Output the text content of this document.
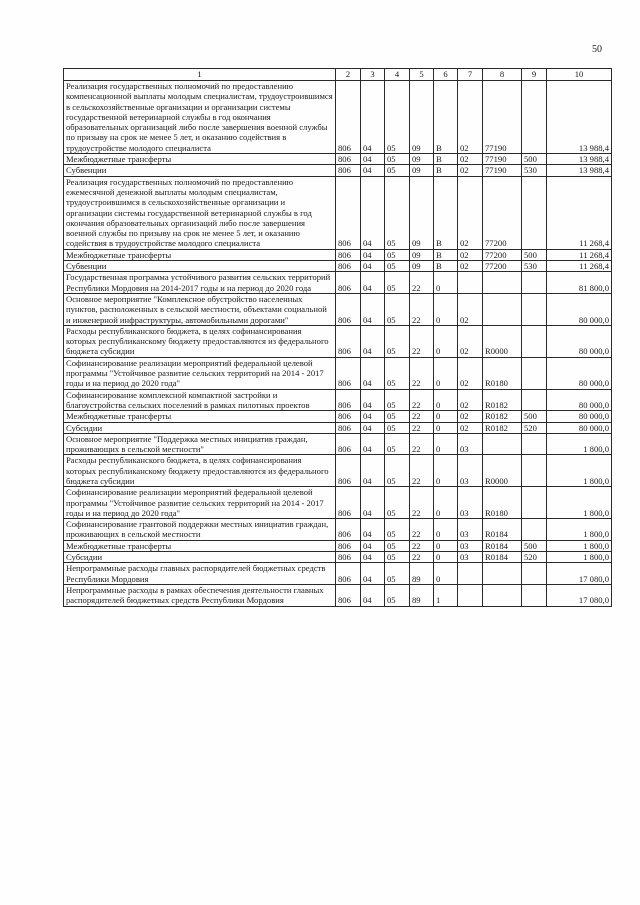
50
1	2	3	4	5	6	7	8	9	10
Реализация государственных полномочий по предоставлению компенсационной выплаты молодым специалистам, трудоустроившимся в сельскохозяйственные организации и организации системы государственной ветеринарной службы в год окончания образовательных организаций либо после завершения военной службы по призыву на срок не менее 5 лет, и оказанию содействия в трудоустройстве молодого специалиста	806	04	05	09	В	02	77190		13 988,4
Межбюджетные трансферты	806	04	05	09	В	02	77190	500	13 988,4
Субвенции	806	04	05	09	В	02	77190	530	13 988,4
Реализация государственных полномочий по предоставлению ежемесячной денежной выплаты молодым специалистам, трудоустроившимся в сельскохозяйственные организации и организации системы государственной ветеринарной службы в год окончания образовательных организаций либо после завершения военной службы по призыву на срок не менее 5 лет, и оказанию содействия в трудоустройстве молодого специалиста	806	04	05	09	В	02	77200		11 268,4
Межбюджетные трансферты	806	04	05	09	В	02	77200	500	11 268,4
Субвенции	806	04	05	09	В	02	77200	530	11 268,4
Государственная программа устойчивого развития сельских территорий Республики Мордовия на 2014-2017 годы и на период до 2020 года	806	04	05	22	0				81 800,0
Основное мероприятие "Комплексное обустройство населенных пунктов, расположенных в сельской местности, объектами социальной и инженерной инфраструктуры, автомобильными дорогами"	806	04	05	22	0	02			80 000,0
Расходы республиканского бюджета, в целях софинансирования которых республиканскому бюджету предоставляются из федерального бюджета субсидии	806	04	05	22	0	02	R0000		80 000,0
Софинансирование реализации мероприятий федеральной целевой программы "Устойчивое развитие сельских территорий на 2014 - 2017 годы и на период до 2020 года"	806	04	05	22	0	02	R0180		80 000,0
Софинансирование комплексной компактной застройки и благоустройства сельских поселений в рамках пилотных проектов	806	04	05	22	0	02	R0182		80 000,0
Межбюджетные трансферты	806	04	05	22	0	02	R0182	500	80 000,0
Субсидии	806	04	05	22	0	02	R0182	520	80 000,0
Основное мероприятие "Поддержка местных инициатив граждан, проживающих в сельской местности"	806	04	05	22	0	03			1 800,0
Расходы республиканского бюджета, в целях софинансирования которых республиканскому бюджету предоставляются из федерального бюджета субсидии	806	04	05	22	0	03	R0000		1 800,0
Софинансирование реализации мероприятий федеральной целевой программы "Устойчивое развитие сельских территорий на 2014 - 2017 годы и на период до 2020 года"	806	04	05	22	0	03	R0180		1 800,0
Софинансирование грантовой поддержки местных инициатив граждан, проживающих в сельской местности	806	04	05	22	0	03	R0184		1 800,0
Межбюджетные трансферты	806	04	05	22	0	03	R0184	500	1 800,0
Субсидии	806	04	05	22	0	03	R0184	520	1 800,0
Непрограммные расходы главных распорядителей бюджетных средств Республики Мордовия	806	04	05	89	0				17 080,0
Непрограммные расходы в рамках обеспечения деятельности главных распорядителей бюджетных средств Республики Мордовия	806	04	05	89	1				17 080,0
